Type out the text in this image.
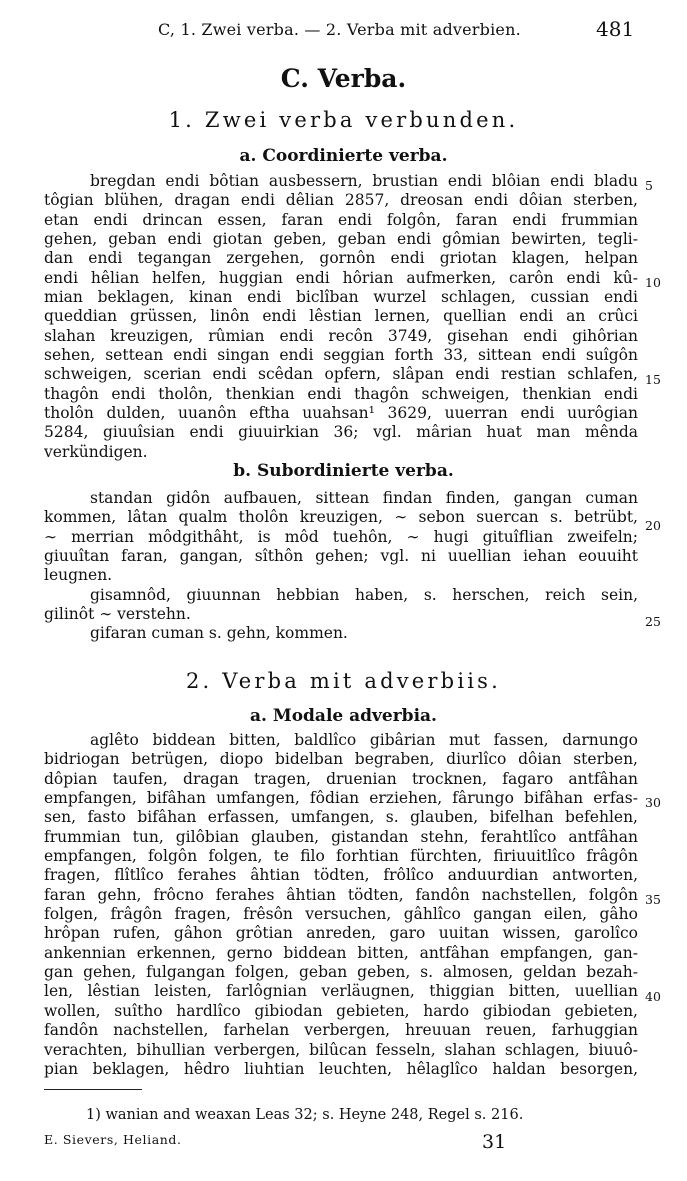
C, 1. Zwei verba. — 2. Verba mit adverbien.	481
C. Verba.
1. Zwei verba verbunden.
a. Coordinierte verba.
bregdan endi bôtian ausbessern, brustian endi blôian endi bladu
tôgian blühen, dragan endi dêlian 2857, dreosan endi dôian sterben,
etan endi drincan essen, faran endi folgôn, faran endi frummian
gehen, geban endi giotan geben, geban endi gômian bewirten, tegli-
dan endi tegangan zergehen, gornôn endi griotan klagen, helpan
endi hêlian helfen, huggian endi hôrian aufmerken, carôn endi kû-
mian beklagen, kinan endi biclîban wurzel schlagen, cussian endi
queddian grüssen, linôn endi lêstian lernen, quellian endi an crûci
slahan kreuzigen, rûmian endi recôn 3749, gisehan endi gihôrian
sehen, settean endi singan endi seggian forth 33, sittean endi suîgôn
schweigen, scerian endi scêdan opfern, slâpan endi restian schlafen,
thagôn endi tholôn, thenkian endi thagôn schweigen, thenkian endi
tholôn dulden, uuanôn eftha uuahsan¹ 3629, uuerran endi uurôgian
5284, giuuîsian endi giuuirkian 36; vgl. mârian huat man mênda
verkündigen.
b. Subordinierte verba.
standan gidôn aufbauen, sittean findan finden, gangan cuman
kommen, lâtan qualm tholôn kreuzigen, ∼ sebon suercan s. betrübt,
∼ merrian môdgithâht, is môd tuehôn, ∼ hugi gituîflian zweifeln;
giuuîtan faran, gangan, sîthôn gehen; vgl. ni uuellian iehan eouuiht
leugnen.
gisamnôd, giuunnan hebbian haben, s. herschen, reich sein,
gilinôt ∼ verstehn.
gifaran cuman s. gehn, kommen.
2. Verba mit adverbiis.
a. Modale adverbia.
aglêto biddean bitten, baldlîco gibârian mut fassen, darnungo
bidriogan betrügen, diopo bidelban begraben, diurlîco dôian sterben,
dôpian taufen, dragan tragen, druenian trocknen, fagaro antfâhan
empfangen, bifâhan umfangen, fôdian erziehen, fârungo bifâhan erfas-
sen, fasto bifâhan erfassen, umfangen, s. glauben, bifelhan befehlen,
frummian tun, gilôbian glauben, gistandan stehn, ferahtlîco antfâhan
empfangen, folgôn folgen, te filo forhtian fürchten, firiuuitlîco frâgôn
fragen, flîtlîco ferahes âhtian tödten, frôlîco anduurdian antworten,
faran gehn, frôcno ferahes âhtian tödten, fandôn nachstellen, folgôn
folgen, frâgôn fragen, frêsôn versuchen, gâhlîco gangan eilen, gâho
hrôpan rufen, gâhon grôtian anreden, garo uuitan wissen, garolîco
ankennian erkennen, gerno biddean bitten, antfâhan empfangen, gan-
gan gehen, fulgangan folgen, geban geben, s. almosen, geldan bezah-
len, lêstian leisten, farlôgnian verläugnen, thiggian bitten, uuellian
wollen, suîtho hardlîco gibiodan gebieten, hardo gibiodan gebieten,
fandôn nachstellen, farhelan verbergen, hreuuan reuen, farhuggian
verachten, bihullian verbergen, bilûcan fesseln, slahan schlagen, biuuô-
pian beklagen, hêdro liuhtian leuchten, hêlaglîco haldan besorgen,
5
10
15
20
25
30
35
40
1) wanian and weaxan Leas 32; s. Heyne 248, Regel s. 216.
E. Sievers, Heliand.	31
